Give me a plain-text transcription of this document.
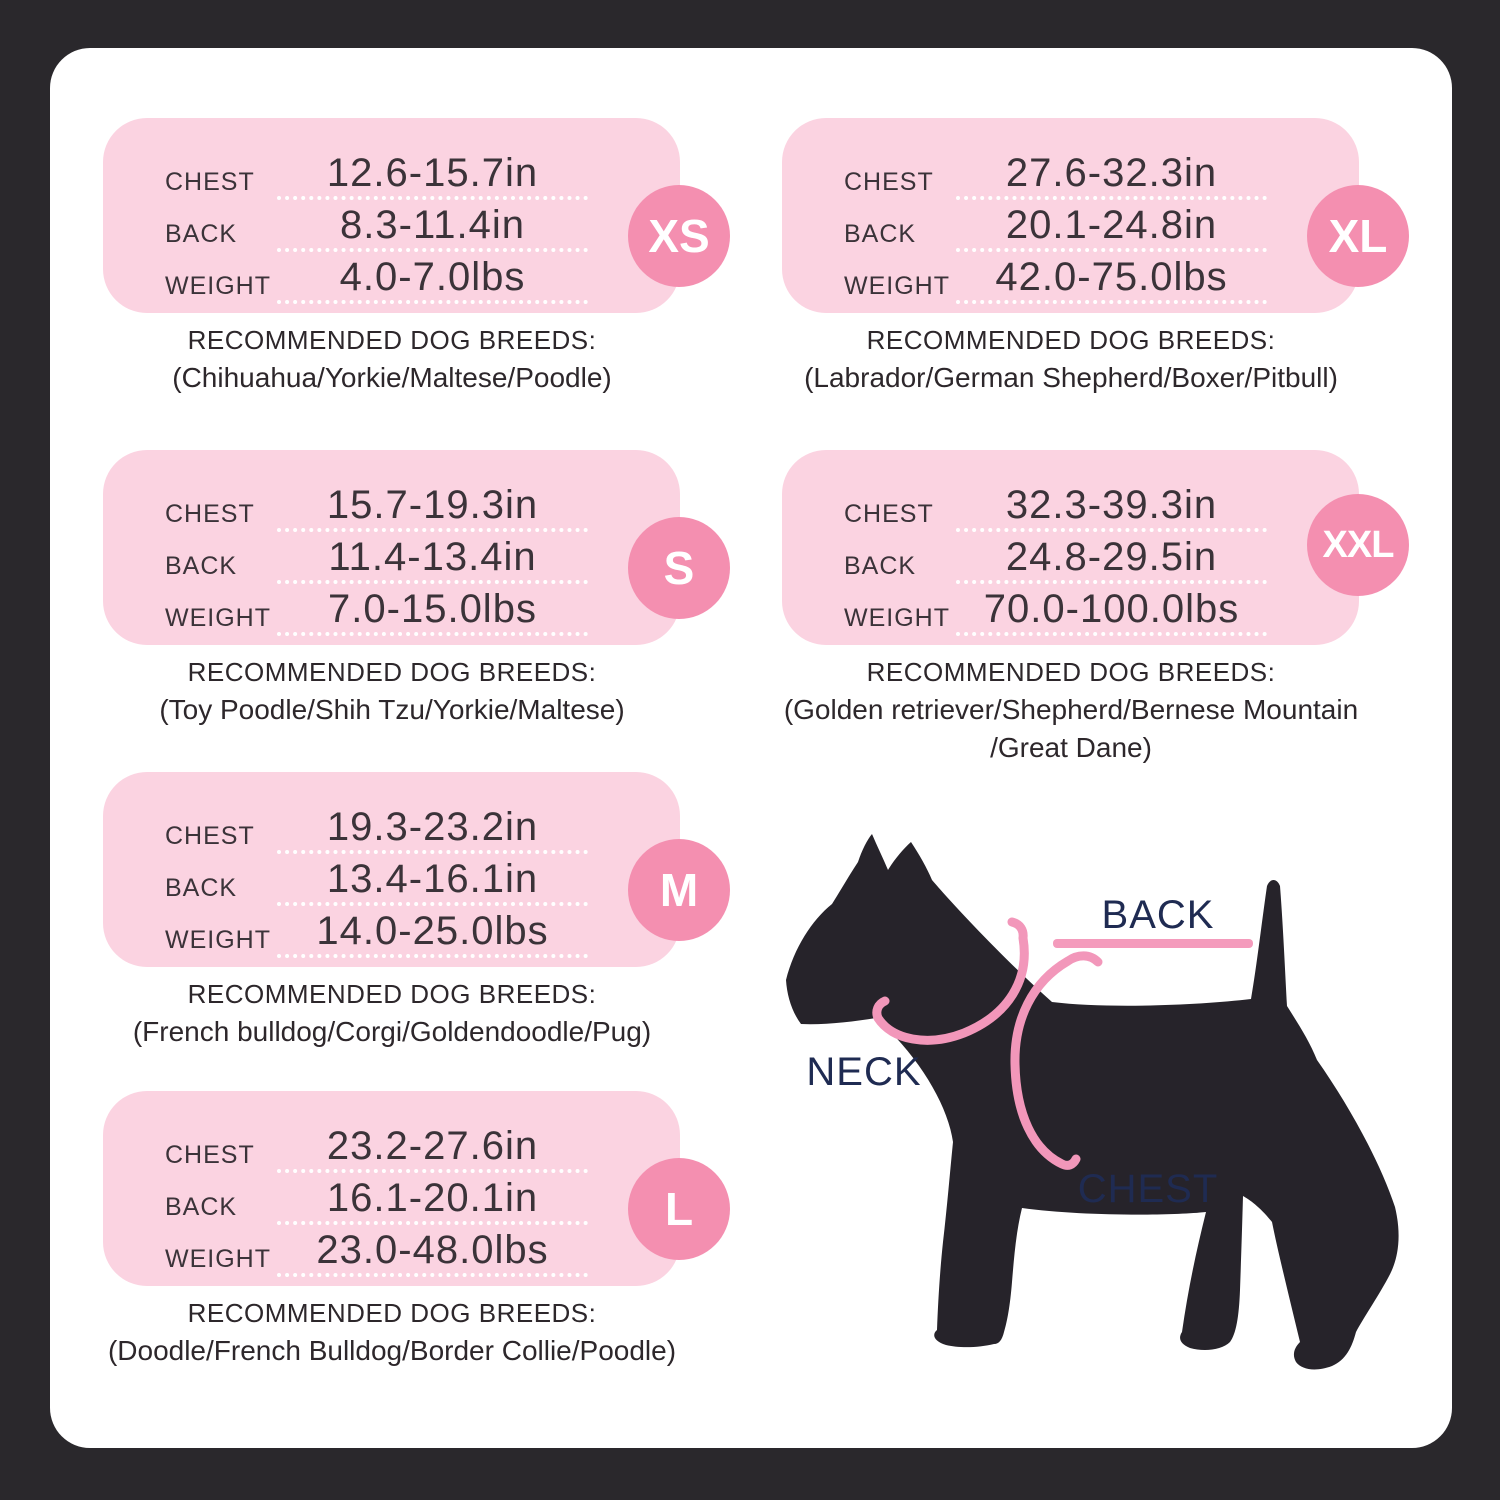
CHEST	12.6-15.7in
BACK	8.3-11.4in
WEIGHT	4.0-7.0lbs
XS
RECOMMENDED DOG BREEDS:
(Chihuahua/Yorkie/Maltese/Poodle)
CHEST	15.7-19.3in
BACK	11.4-13.4in
WEIGHT	7.0-15.0lbs
S
RECOMMENDED DOG BREEDS:
(Toy Poodle/Shih Tzu/Yorkie/Maltese)
CHEST	19.3-23.2in
BACK	13.4-16.1in
WEIGHT	14.0-25.0lbs
M
RECOMMENDED DOG BREEDS:
(French bulldog/Corgi/Goldendoodle/Pug)
CHEST	23.2-27.6in
BACK	16.1-20.1in
WEIGHT	23.0-48.0lbs
L
RECOMMENDED DOG BREEDS:
(Doodle/French Bulldog/Border Collie/Poodle)
CHEST	27.6-32.3in
BACK	20.1-24.8in
WEIGHT	42.0-75.0lbs
XL
RECOMMENDED DOG BREEDS:
(Labrador/German Shepherd/Boxer/Pitbull)
CHEST	32.3-39.3in
BACK	24.8-29.5in
WEIGHT 70.0-100.0lbs
XXL
RECOMMENDED DOG BREEDS:
(Golden retriever/Shepherd/Bernese Mountain
/Great Dane)
BACK
NECK
CHEST
